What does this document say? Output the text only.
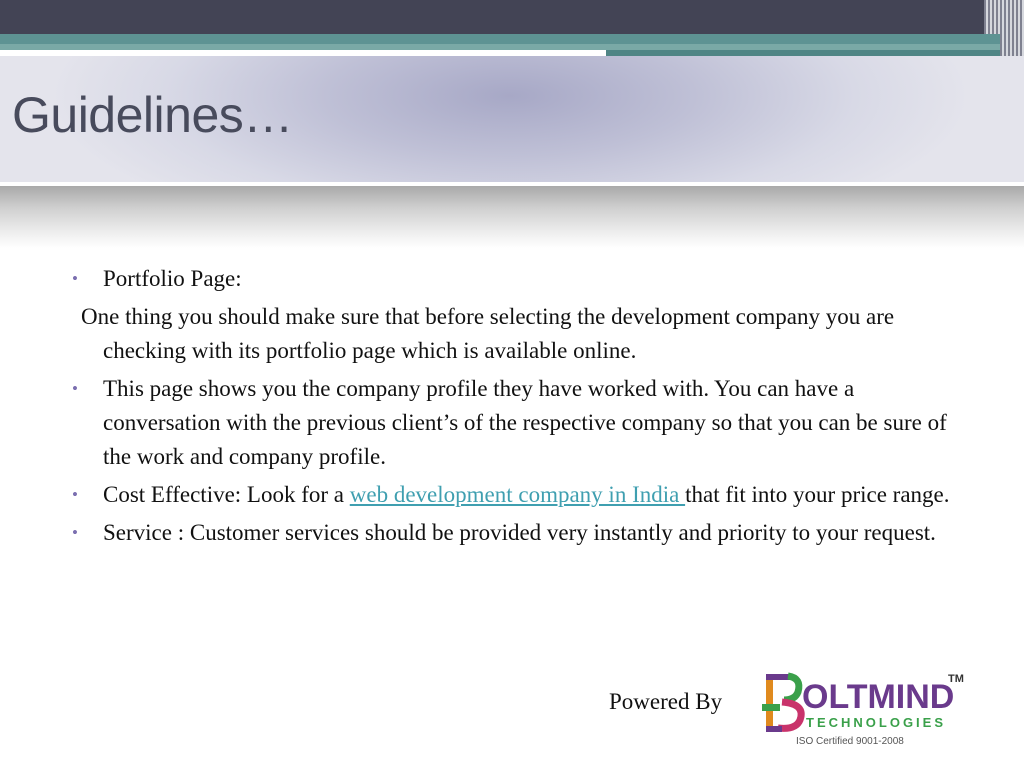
Guidelines…
• Portfolio Page:
One thing you should make sure that before selecting the development company you are checking with its portfolio page which is available online.
• This page shows you the company profile they have worked with. You can have a conversation with the previous client’s of the respective company so that you can be sure of the work and company profile.
• Cost Effective: Look for a web development company in India that fit into your price range.
• Service : Customer services should be provided very instantly and priority to your request.
Powered By OLTMIND
TM
TECHNOLOGIES
ISO Certified 9001-2008
